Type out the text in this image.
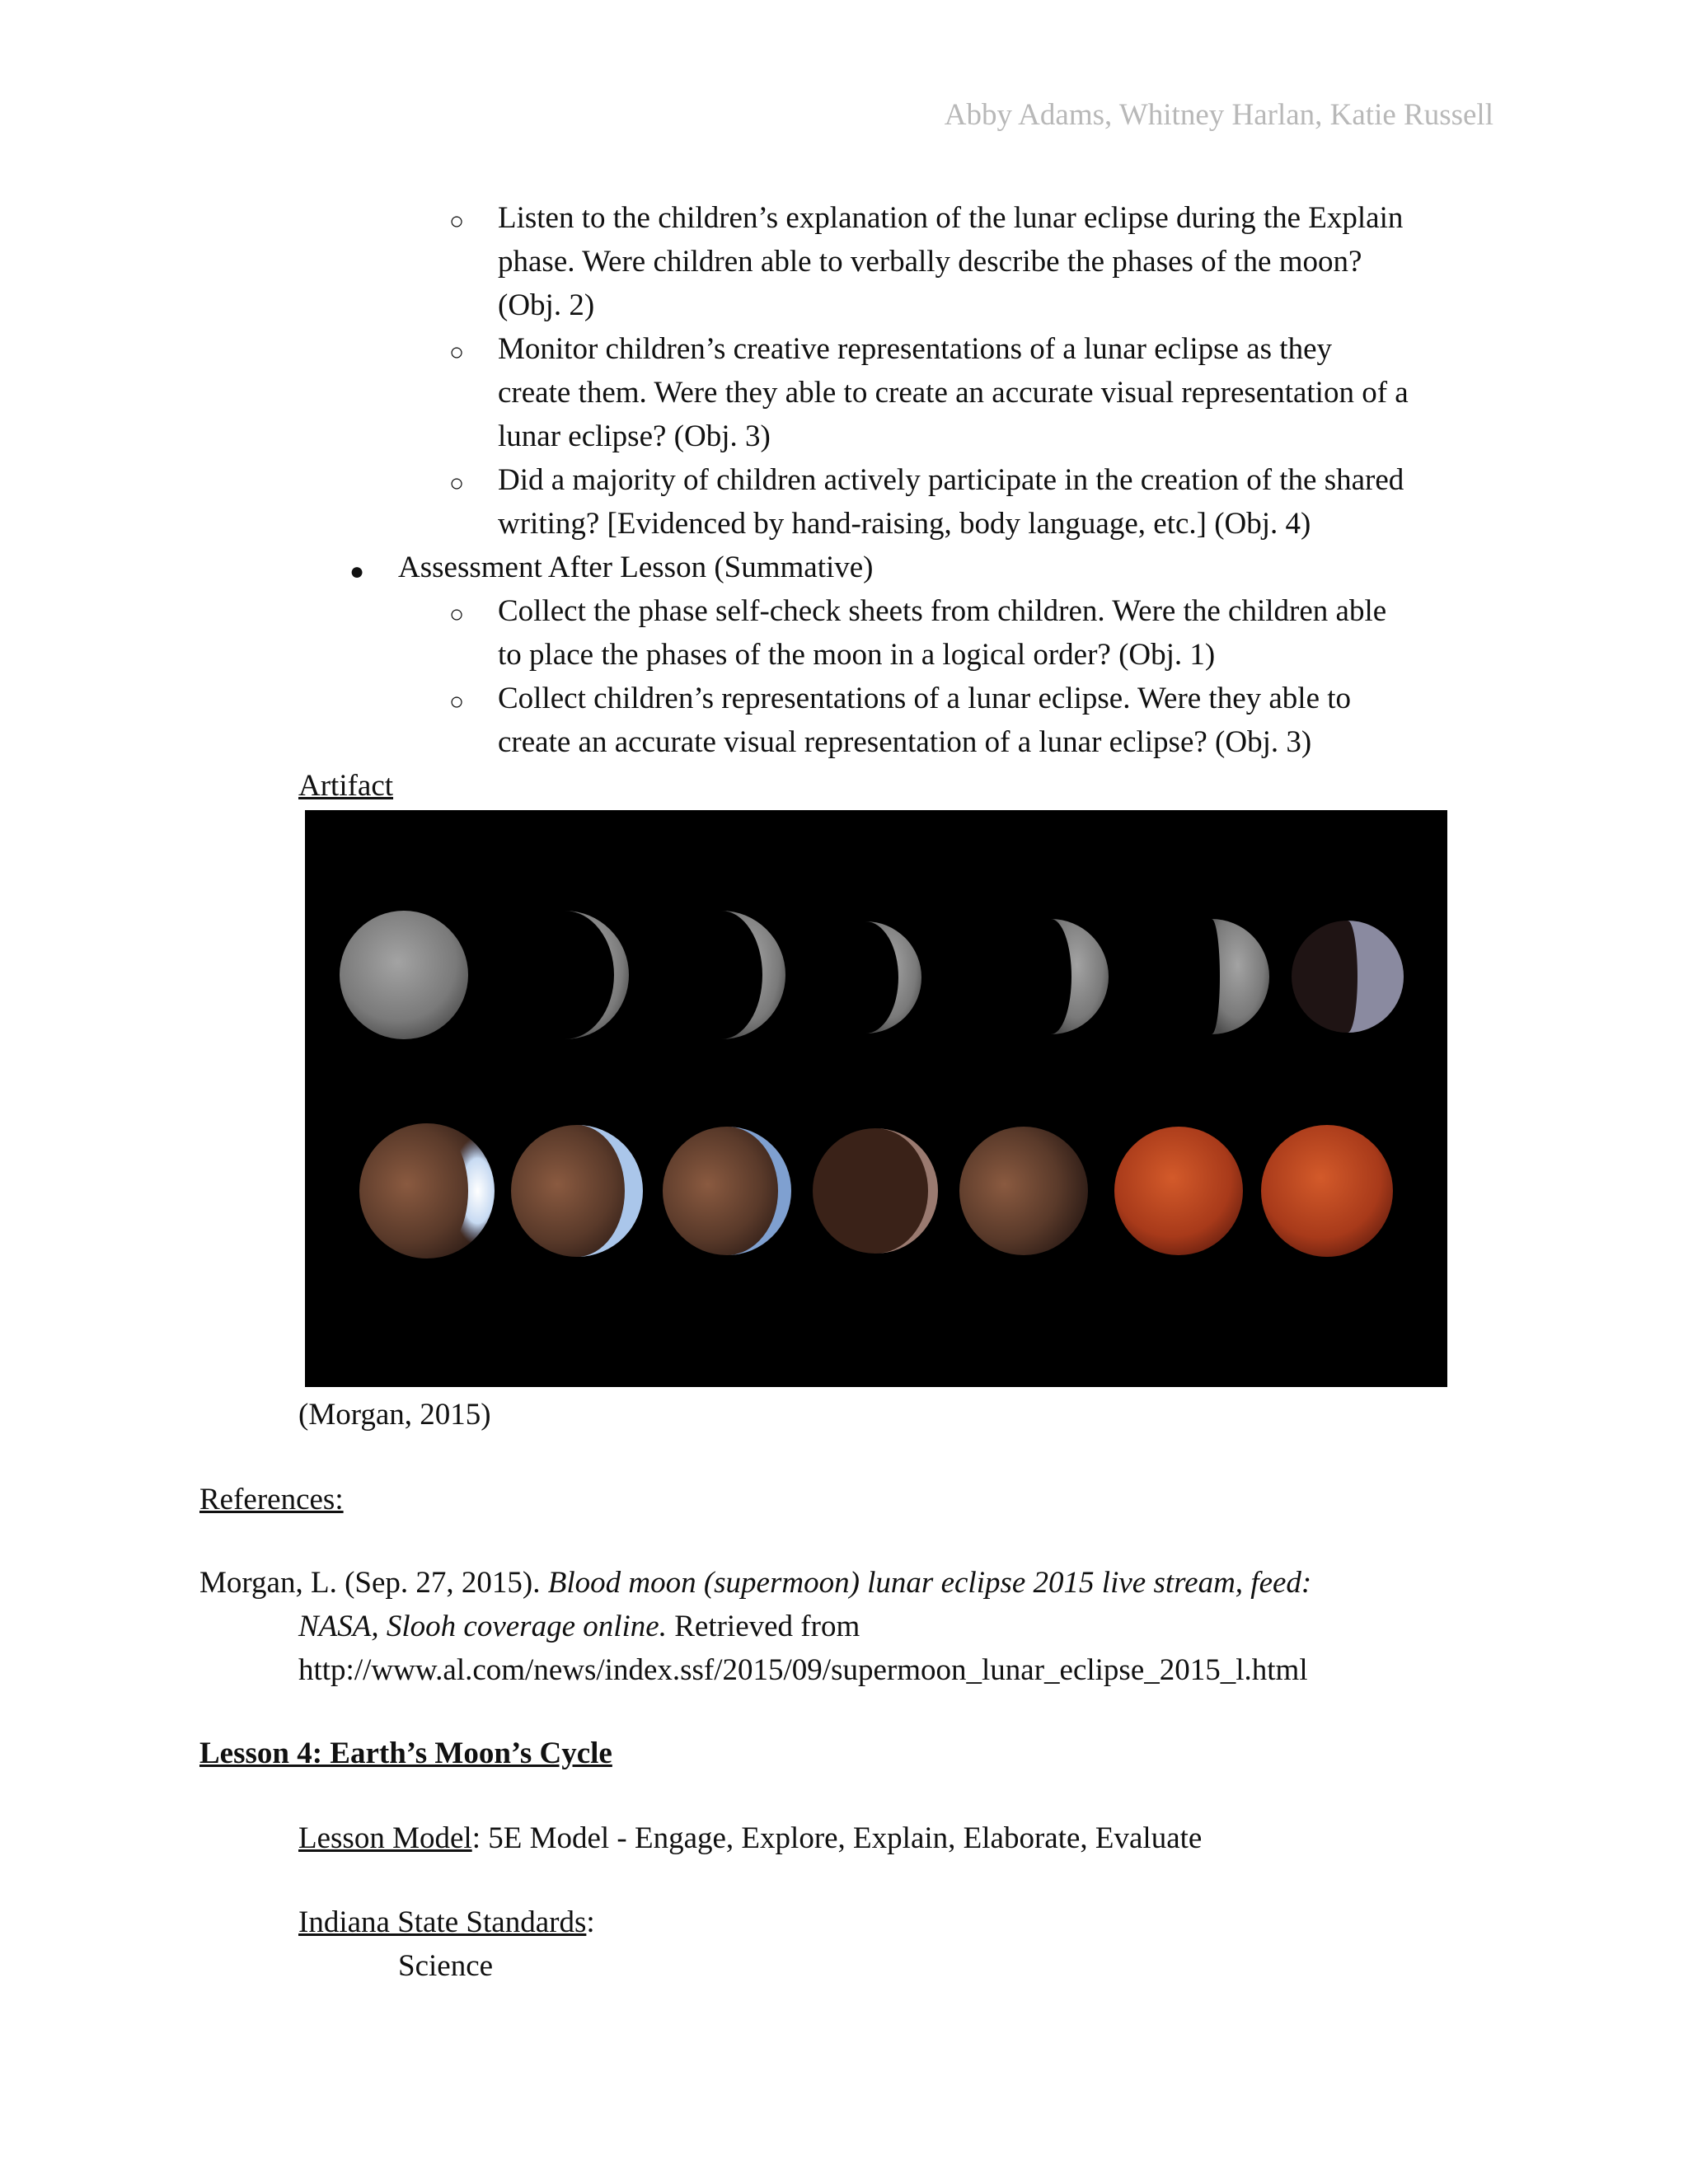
Abby Adams, Whitney Harlan, Katie Russell
○ Listen to the children’s explanation of the lunar eclipse during the Explain
phase. Were children able to verbally describe the phases of the moon?
(Obj. 2)
○ Monitor children’s creative representations of a lunar eclipse as they
create them. Were they able to create an accurate visual representation of a
lunar eclipse? (Obj. 3)
○ Did a majority of children actively participate in the creation of the shared
writing? [Evidenced by hand-raising, body language, etc.] (Obj. 4)
● Assessment After Lesson (Summative)
○ Collect the phase self-check sheets from children. Were the children able
to place the phases of the moon in a logical order? (Obj. 1)
○ Collect children’s representations of a lunar eclipse. Were they able to
create an accurate visual representation of a lunar eclipse? (Obj. 3)
Artifact
(Morgan, 2015)
References:
Morgan, L. (Sep. 27, 2015). Blood moon (supermoon) lunar eclipse 2015 live stream, feed:
NASA, Slooh coverage online. Retrieved from
http://www.al.com/news/index.ssf/2015/09/supermoon_lunar_eclipse_2015_l.html
Lesson 4: Earth’s Moon’s Cycle
Lesson Model: 5E Model - Engage, Explore, Explain, Elaborate, Evaluate
Indiana State Standards:
Science
